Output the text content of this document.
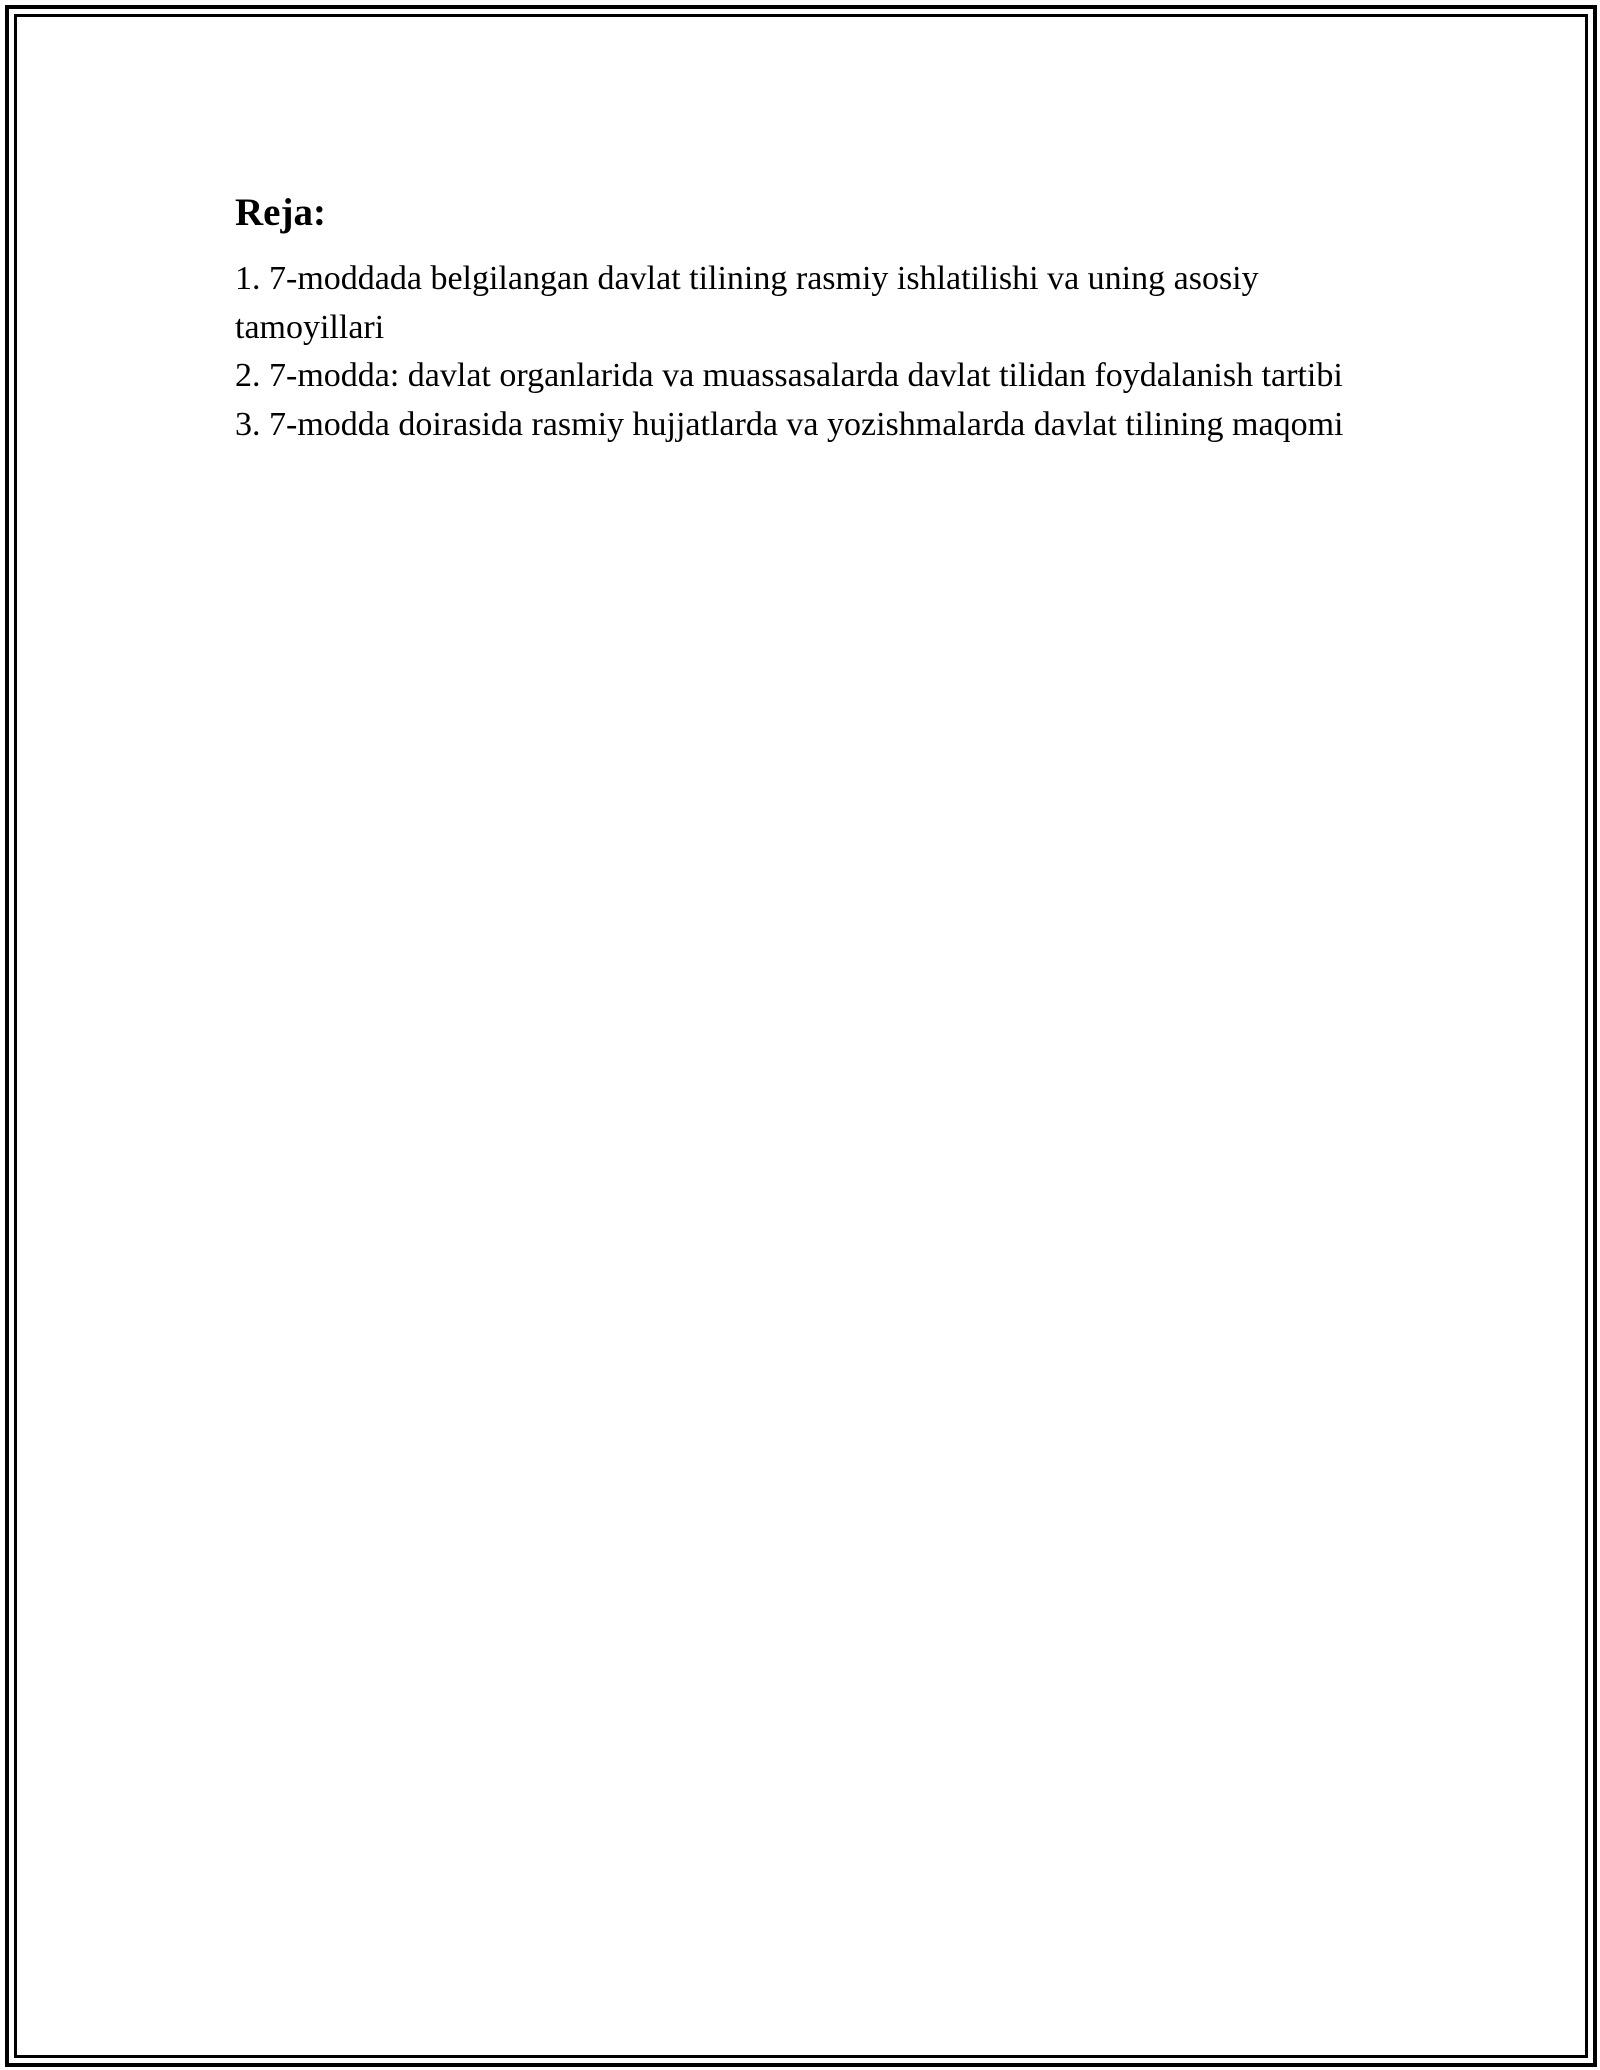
Reja:
1. 7-moddada belgilangan davlat tilining rasmiy ishlatilishi va uning asosiy tamoyillari
2. 7-modda: davlat organlarida va muassasalarda davlat tilidan foydalanish tartibi
3. 7-modda doirasida rasmiy hujjatlarda va yozishmalarda davlat tilining maqomi
